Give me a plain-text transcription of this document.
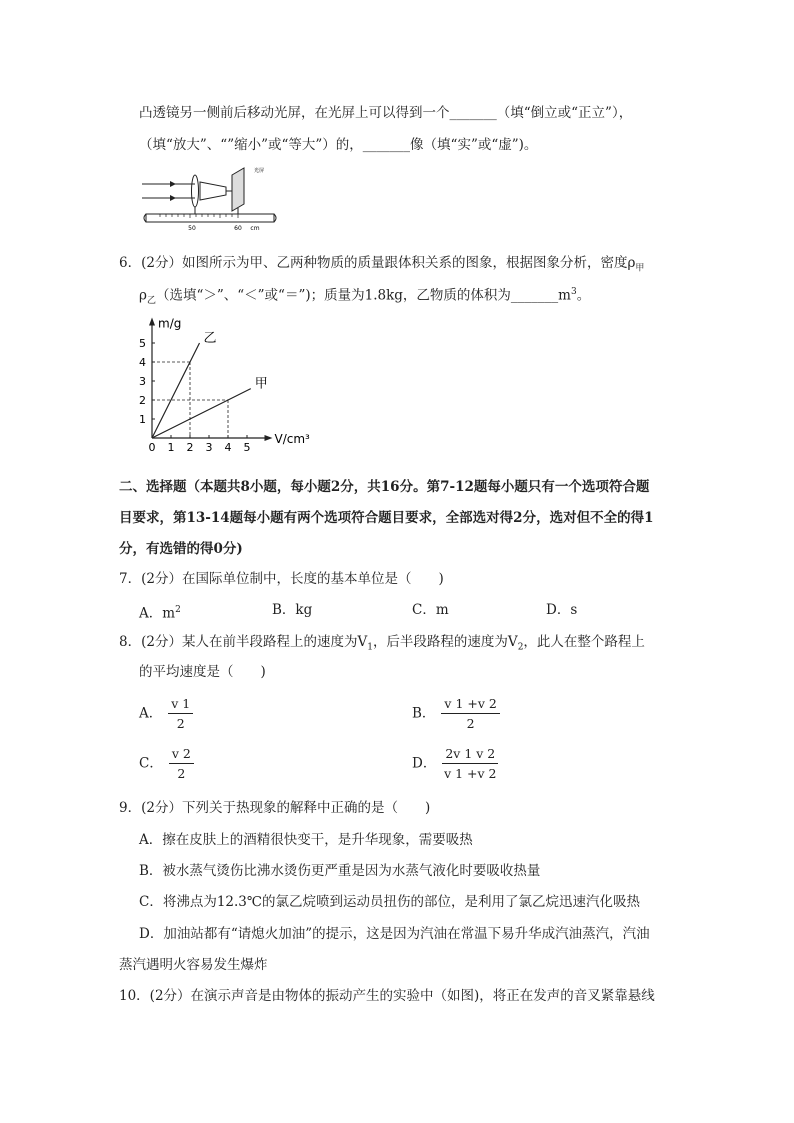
凸透镜另一侧前后移动光屏，在光屏上可以得到一个_______（填“倒立或“正立”），
（填“放大”、“”缩小”或“等大”）的，_______像（填“实”或“虚”)。
50	60 cm
光屏
6．(2分）如图所示为甲、乙两种物质的质量跟体积关系的图象，根据图象分析，密度$\rho_甲$
$\rho_乙$（选填“＞”、“＜”或“＝”)；质量为1.8kg，乙物质的体积为$\_\_\_\_\_\_\_m^3$。
m/g
V/cm³
0 1 2 3 4 5
1
2
3
4
5	乙
甲
二、选择题（本题共8小题，每小题2分，共16分。第7-12题每小题只有一个选项符合题
目要求，第13-14题每小题有两个选项符合题目要求，全部选对得2分，选对但不全的得1
分，有选错的得0分)
7．(2分）在国际单位制中，长度的基本单位是（　　)
A．$m^2$	B．kg	C．m	D．s
8．(2分）某人在前半段路程上的速度为$V_1$，后半段路程的速度为$V_2$，此人在整个路程上
的平均速度是（　　)
A． $\frac{v 1}{2}$	B． $\frac{v 1 +v 2}{2}$
C． $\frac{v 2}{2}$	D． $\frac{2v 1 v 2}{v 1 +v 2}$
9．(2分）下列关于热现象的解释中正确的是（　　)
A．擦在皮肤上的酒精很快变干，是升华现象，需要吸热
B．被水蒸气烫伤比沸水烫伤更严重是因为水蒸气液化时要吸收热量
C．将沸点为12.3℃的氯乙烷喷到运动员扭伤的部位，是利用了氯乙烷迅速汽化吸热
D．加油站都有“请熄火加油”的提示，这是因为汽油在常温下易升华成汽油蒸汽，汽油
蒸汽遇明火容易发生爆炸
10．(2分）在演示声音是由物体的振动产生的实验中（如图)，将正在发声的音叉紧靠悬线
